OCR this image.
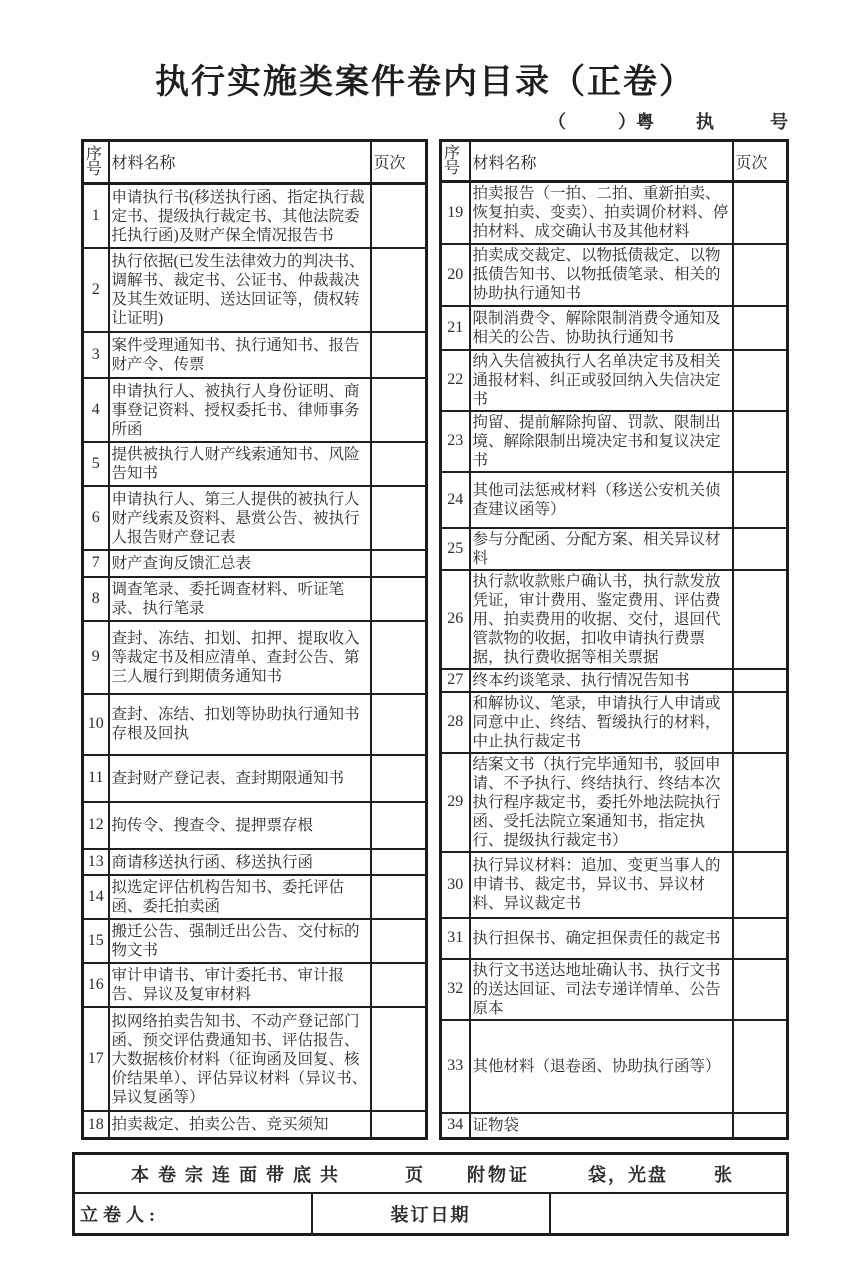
执行实施类案件卷内目录（正卷）
（	）粤 执	号
序号	材料名称	页次
1	申请执行书(移送执行函、指定执行裁定书、提级执行裁定书、其他法院委托执行函)及财产保全情况报告书	
2	执行依据(已发生法律效力的判决书、调解书、裁定书、公证书、仲裁裁决及其生效证明、送达回证等，债权转让证明)	
3	案件受理通知书、执行通知书、报告财产令、传票	
4	申请执行人、被执行人身份证明、商事登记资料、授权委托书、律师事务所函	
5	提供被执行人财产线索通知书、风险告知书	
6	申请执行人、第三人提供的被执行人财产线索及资料、悬赏公告、被执行人报告财产登记表	
7	财产查询反馈汇总表	
8	调查笔录、委托调查材料、听证笔录、执行笔录	
9	查封、冻结、扣划、扣押、提取收入等裁定书及相应清单、查封公告、第三人履行到期债务通知书	
10	查封、冻结、扣划等协助执行通知书存根及回执	
11	查封财产登记表、查封期限通知书	
12	拘传令、搜查令、提押票存根	
13	商请移送执行函、移送执行函	
14	拟选定评估机构告知书、委托评估函、委托拍卖函	
15	搬迁公告、强制迁出公告、交付标的物文书	
16	审计申请书、审计委托书、审计报告、异议及复审材料	
17	拟网络拍卖告知书、不动产登记部门函、预交评估费通知书、评估报告、大数据核价材料（征询函及回复、核价结果单）、评估异议材料（异议书、异议复函等）	
18	拍卖裁定、拍卖公告、竞买须知	
序号	材料名称	页次
19	拍卖报告（一拍、二拍、重新拍卖、恢复拍卖、变卖）、拍卖调价材料、停拍材料、成交确认书及其他材料	
20	拍卖成交裁定、以物抵债裁定、以物抵债告知书、以物抵债笔录、相关的协助执行通知书	
21	限制消费令、解除限制消费令通知及相关的公告、协助执行通知书	
22	纳入失信被执行人名单决定书及相关通报材料、纠正或驳回纳入失信决定书	
23	拘留、提前解除拘留、罚款、限制出境、解除限制出境决定书和复议决定书	
24	其他司法惩戒材料（移送公安机关侦查建议函等）	
25	参与分配函、分配方案、相关异议材料	
26	执行款收款账户确认书，执行款发放凭证，审计费用、鉴定费用、评估费用、拍卖费用的收据、交付，退回代管款物的收据，扣收申请执行费票据，执行费收据等相关票据	
27	终本约谈笔录、执行情况告知书	
28	和解协议、笔录，申请执行人申请或同意中止、终结、暂缓执行的材料，中止执行裁定书	
29	结案文书（执行完毕通知书，驳回申请、不予执行、终结执行、终结本次执行程序裁定书，委托外地法院执行函、受托法院立案通知书，指定执行、提级执行裁定书）	
30	执行异议材料：追加、变更当事人的申请书、裁定书，异议书、异议材料、异议裁定书	
31	执行担保书、确定担保责任的裁定书	
32	执行文书送达地址确认书、执行文书的送达回证、司法专递详情单、公告原本	
33	其他材料（退卷函、协助执行函等）	
34	证物袋	
本卷宗连面带底共	页 附物证	袋，光盘	张
立卷人:	装订日期	
